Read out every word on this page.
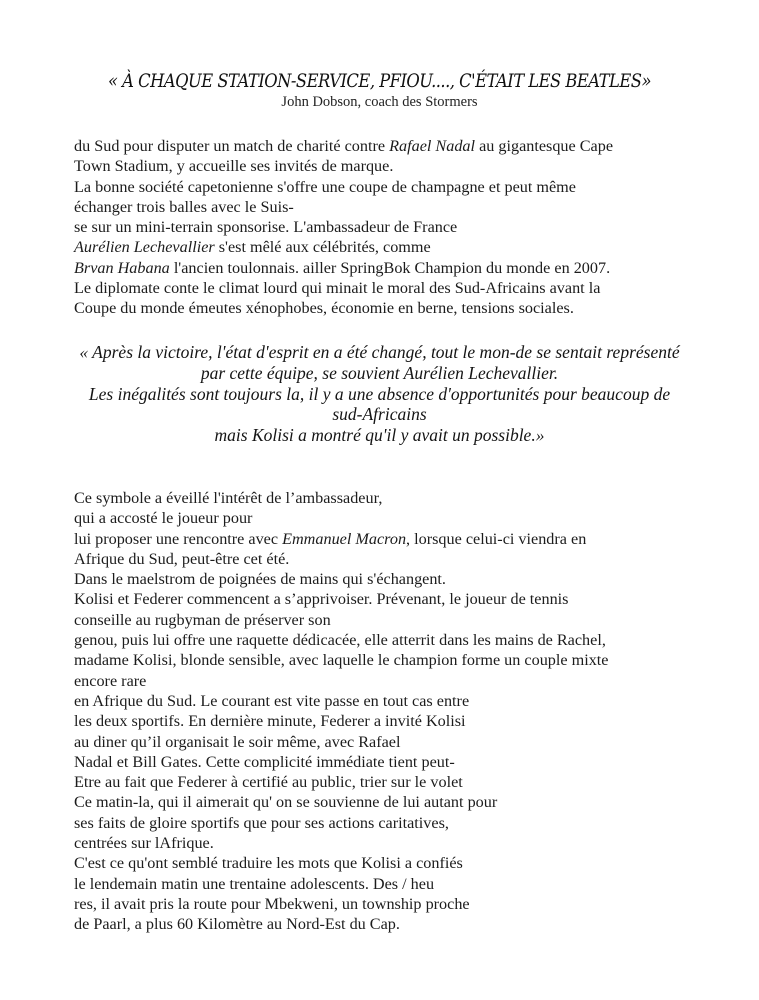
« À CHAQUE STATION-SERVICE, PFIOU...., C'ÉTAIT LES BEATLES»
John Dobson, coach des Stormers
du Sud pour disputer un match de charité contre Rafael Nadal au gigantesque Cape
Town Stadium, y accueille ses invités de marque.
La bonne société capetonienne s'offre une coupe de champagne et peut même
échanger trois balles avec le Suis-
se sur un mini-terrain sponsorise. L'ambassadeur de France
Aurélien Lechevallier s'est mêlé aux célébrités, comme
Brvan Habana l'ancien toulonnais. ailler SpringBok Champion du monde en 2007.
Le diplomate conte le climat lourd qui minait le moral des Sud-Africains avant la
Coupe du monde émeutes xénophobes, économie en berne, tensions sociales.
« Après la victoire, l'état d'esprit en a été changé, tout le mon-de se sentait représenté
par cette équipe, se souvient Aurélien Lechevallier.
Les inégalités sont toujours la, il y a une absence d'opportunités pour beaucoup de
sud-Africains
mais Kolisi a montré qu'il y avait un possible.»
Ce symbole a éveillé l'intérêt de l’ambassadeur,
qui a accosté le joueur pour
lui proposer une rencontre avec Emmanuel Macron, lorsque celui-ci viendra en
Afrique du Sud, peut-être cet été.
Dans le maelstrom de poignées de mains qui s'échangent.
Kolisi et Federer commencent a s’apprivoiser. Prévenant, le joueur de tennis
conseille au rugbyman de préserver son
genou, puis lui offre une raquette dédicacée, elle atterrit dans les mains de Rachel,
madame Kolisi, blonde sensible, avec laquelle le champion forme un couple mixte
encore rare
en Afrique du Sud. Le courant est vite passe en tout cas entre
les deux sportifs. En dernière minute, Federer a invité Kolisi
au diner qu’il organisait le soir même, avec Rafael
Nadal et Bill Gates. Cette complicité immédiate tient peut-
Etre au fait que Federer à certifié au public, trier sur le volet
Ce matin-la, qui il aimerait qu' on se souvienne de lui autant pour
ses faits de gloire sportifs que pour ses actions caritatives,
centrées sur lAfrique.
C'est ce qu'ont semblé traduire les mots que Kolisi a confiés
le lendemain matin une trentaine adolescents. Des / heu
res, il avait pris la route pour Mbekweni, un township proche
de Paarl, a plus 60 Kilomètre au Nord-Est du Cap.
